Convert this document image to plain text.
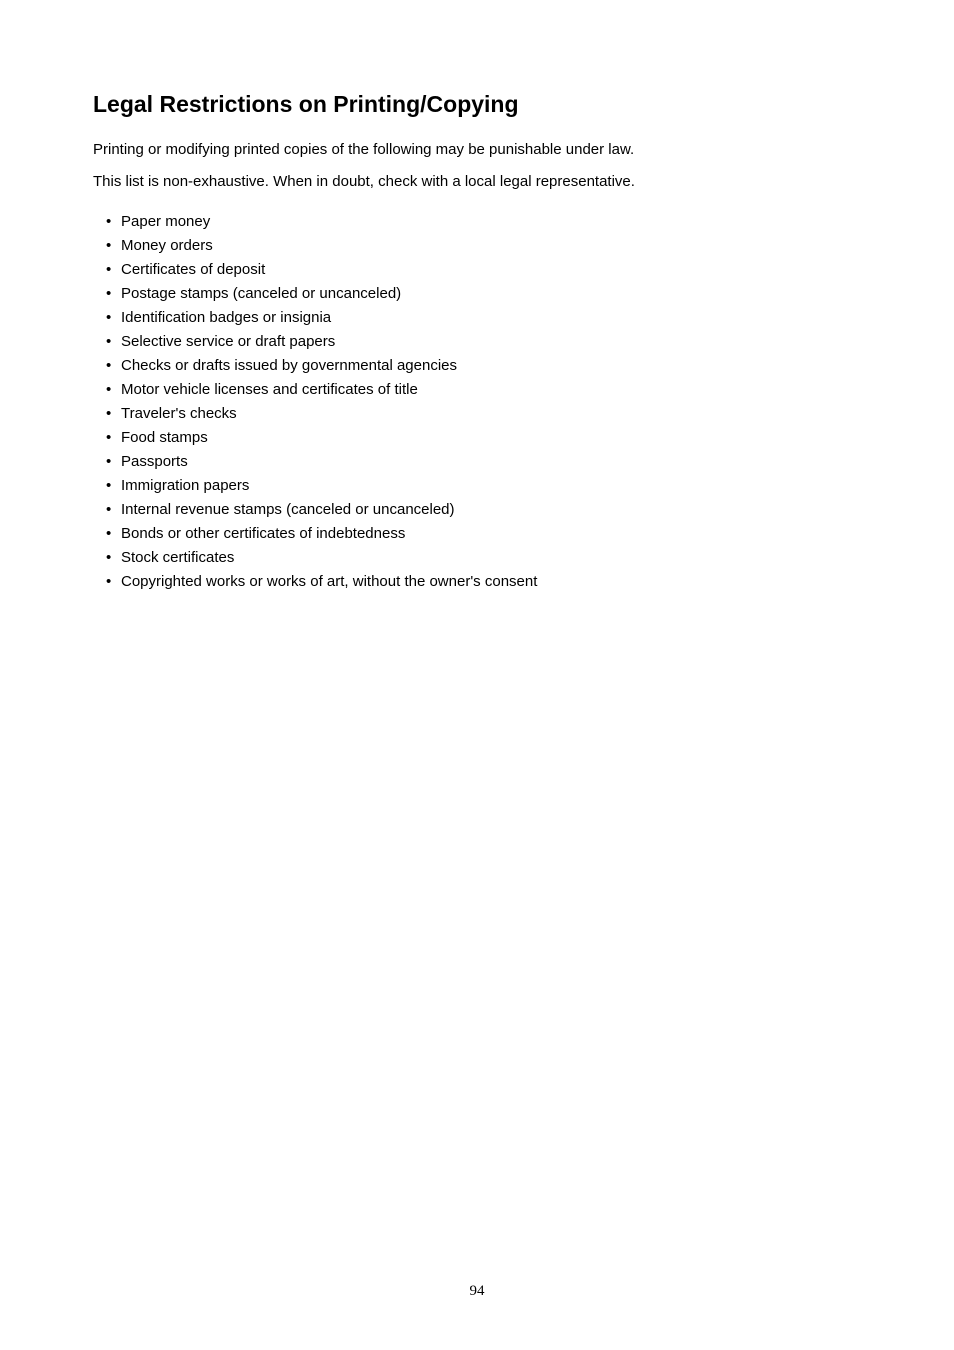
Legal Restrictions on Printing/Copying

Printing or modifying printed copies of the following may be punishable under law.

This list is non-exhaustive. When in doubt, check with a local legal representative.

• Paper money
• Money orders
• Certificates of deposit
• Postage stamps (canceled or uncanceled)
• Identification badges or insignia
• Selective service or draft papers
• Checks or drafts issued by governmental agencies
• Motor vehicle licenses and certificates of title
• Traveler's checks
• Food stamps
• Passports
• Immigration papers
• Internal revenue stamps (canceled or uncanceled)
• Bonds or other certificates of indebtedness
• Stock certificates
• Copyrighted works or works of art, without the owner's consent
94
